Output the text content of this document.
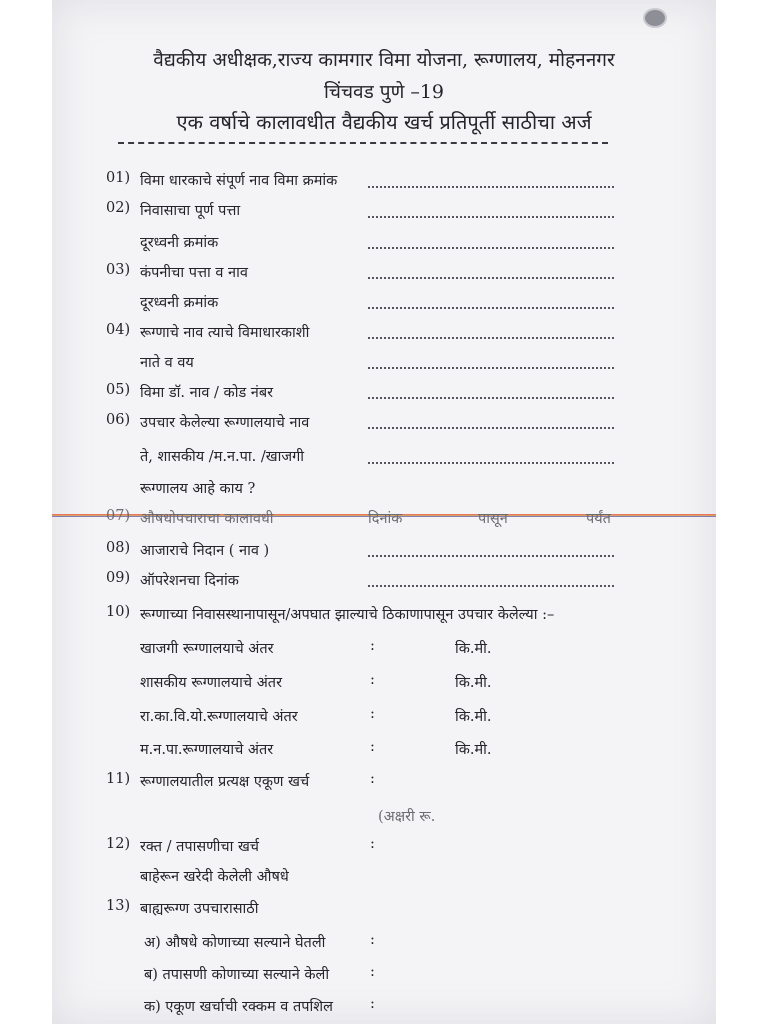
वैद्यकीय अधीक्षक,राज्य कामगार विमा योजना, रूग्णालय, मोहननगर
चिंचवड पुणे –19
एक वर्षाचे कालावधीत वैद्यकीय खर्च प्रतिपूर्ती साठीचा अर्ज
01) विमा धारकाचे संपूर्ण नाव विमा क्रमांक
02) निवासाचा पूर्ण पत्ता
दूरध्वनी क्रमांक
03) कंपनीचा पत्ता व नाव
दूरध्वनी क्रमांक
04) रूग्णाचे नाव त्याचे विमाधारकाशी
नाते व वय
05) विमा डॉ. नाव / कोड नंबर
06) उपचार केलेल्या रूग्णालयाचे नाव
ते, शासकीय /म.न.पा. /खाजगी
रूग्णालय आहे काय ?
07) औषधोपचाराचा कालावधी	दिनांक	पासून	पर्यंत
08) आजाराचे निदान ( नाव )
09) ऑपरेशनचा दिनांक
10) रूग्णाच्या निवासस्थानापासून/अपघात झाल्याचे ठिकाणापासून उपचार केलेल्या :–
खाजगी रूग्णालयाचे अंतर	:	कि.मी.
शासकीय रूग्णालयाचे अंतर	:	कि.मी.
रा.का.वि.यो.रूग्णालयाचे अंतर	:	कि.मी.
म.न.पा.रूग्णालयाचे अंतर	:	कि.मी.
11) रूग्णालयातील प्रत्यक्ष एकूण खर्च	:
(अक्षरी रू.
12) रक्त / तपासणीचा खर्च	:
बाहेरून खरेदी केलेली औषधे
13) बाह्यरूग्ण उपचारासाठी
अ) औषधे कोणाच्या सल्याने घेतली	:
ब) तपासणी कोणाच्या सल्याने केली	:
क) एकूण खर्चाची रक्कम व तपशिल	:
